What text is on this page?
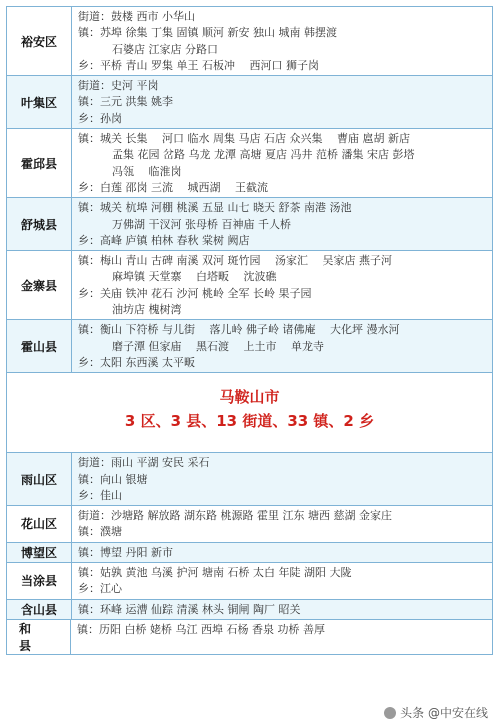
裕安区
街道：鼓楼 西市 小华山
镇：苏埠 徐集 丁集 固镇 顺河 新安 独山 城南 韩摆渡
石婆店 江家店 分路口
乡：平桥 青山 罗集 单王 石板冲 　西河口 狮子岗
叶集区
街道：史河 平岗
镇：三元 洪集 姚李
乡：孙岗
霍邱县
镇：城关 长集 　河口 临水 周集 马店 石店 众兴集 　曹庙 扈胡 新店
孟集 花园 岔路 乌龙 龙潭 高塘 夏店 冯井 范桥 潘集 宋店 彭塔
冯瓴 　临淮岗
乡：白莲 邵岗 三流 　城西湖 　王截流
舒城县
镇：城关 杭埠 河棚 桃溪 五显 山七 晓天 舒茶 南港 汤池
万佛湖 干汊河 张母桥 百神庙 千人桥
乡：高峰 庐镇 柏林 春秋 棠树 阙店
金寨县
镇：梅山 青山 古碑 南溪 双河 斑竹园 　汤家汇 　吴家店 燕子河
麻埠镇 天堂寨 　白塔畈 　沈波礁
乡：关庙 铁冲 花石 沙河 桃岭 全军 长岭 果子园
油坊店 槐树湾
霍山县
镇：衡山 下符桥 与儿街 　落儿岭 佛子岭 诸佛庵 　大化坪 漫水河
磨子潭 但家庙 　黑石渡 　上土市 　单龙寺
乡：太阳 东西溪 太平畈
马鞍山市
3 区、3 县、13 街道、33 镇、2 乡
雨山区
街道：雨山 平湖 安民 采石
镇：向山 银塘
乡：佳山
花山区
街道：沙塘路 解放路 湖东路 桃源路 霍里 江东 塘西 慈湖 金家庄
镇：濮塘
博望区	镇：博望 丹阳 新市
当涂县
镇：姑孰 黄池 乌溪 护河 塘南 石桥 太白 年陡 湖阳 大陇
乡：江心
含山县	镇：环峰 运漕 仙踪 清溪 林头 铜闸 陶厂 昭关
和县
镇：历阳 白桥 姥桥 乌江 西埠 石杨 香泉 功桥 善厚
头条 @中安在线
